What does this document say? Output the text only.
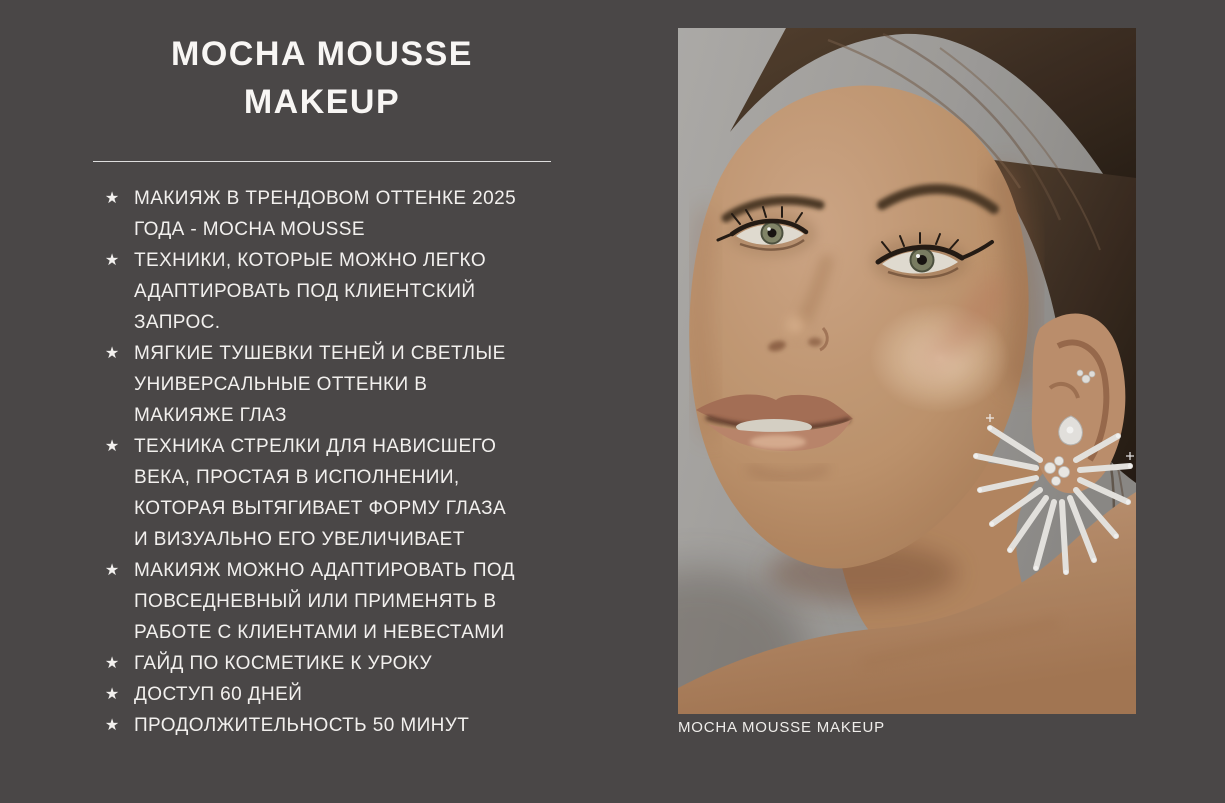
MOCHA MOUSSE MAKEUP
★ МАКИЯЖ В ТРЕНДОВОМ ОТТЕНКЕ 2025 ГОДА - MOCHA MOUSSE
★ ТЕХНИКИ, КОТОРЫЕ МОЖНО ЛЕГКО АДАПТИРОВАТЬ ПОД КЛИЕНТСКИЙ ЗАПРОС.
★ МЯГКИЕ ТУШЕВКИ ТЕНЕЙ И СВЕТЛЫЕ УНИВЕРСАЛЬНЫЕ ОТТЕНКИ В МАКИЯЖЕ ГЛАЗ
★ ТЕХНИКА СТРЕЛКИ ДЛЯ НАВИСШЕГО ВЕКА, ПРОСТАЯ В ИСПОЛНЕНИИ, КОТОРАЯ ВЫТЯГИВАЕТ ФОРМУ ГЛАЗА И ВИЗУАЛЬНО ЕГО УВЕЛИЧИВАЕТ
★ МАКИЯЖ МОЖНО АДАПТИРОВАТЬ ПОД ПОВСЕДНЕВНЫЙ ИЛИ ПРИМЕНЯТЬ В РАБОТЕ С КЛИЕНТАМИ И НЕВЕСТАМИ
★ ГАЙД ПО КОСМЕТИКЕ К УРОКУ
★ ДОСТУП 60 ДНЕЙ
★ ПРОДОЛЖИТЕЛЬНОСТЬ 50 МИНУТ	MOCHA MOUSSE MAKEUP
